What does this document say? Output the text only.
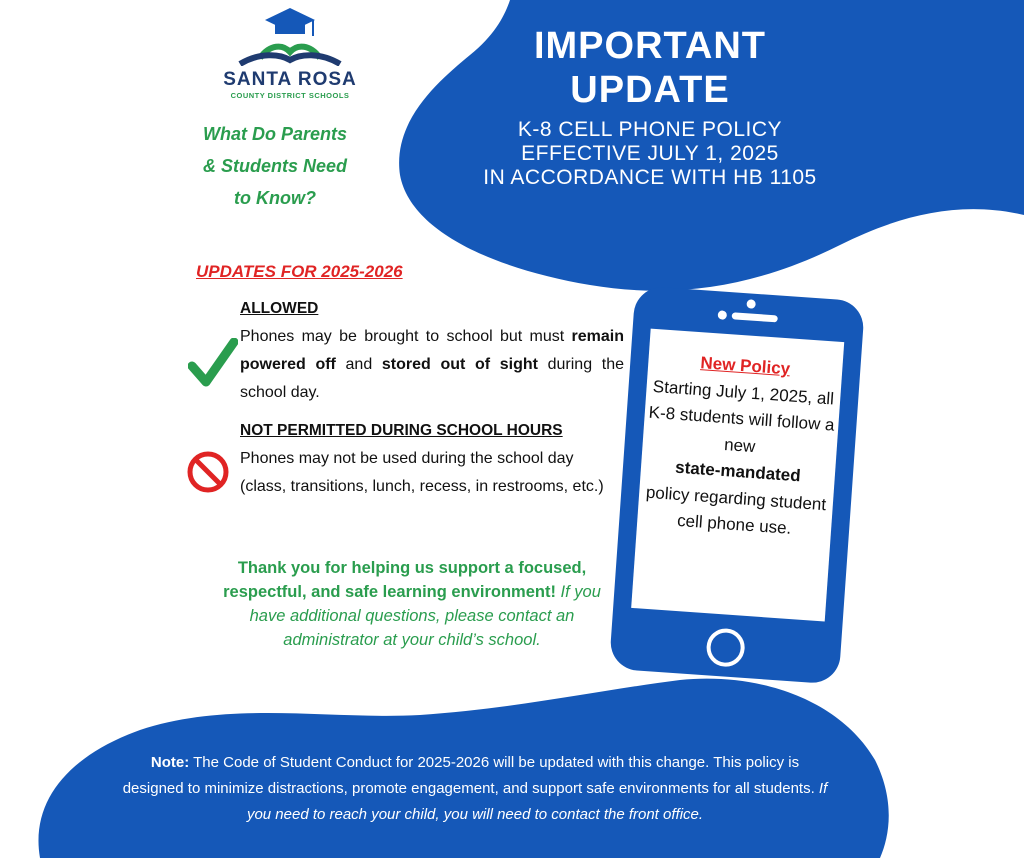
SANTA ROSA
COUNTY DISTRICT SCHOOLS
What Do Parents
& Students Need
to Know?
IMPORTANT
UPDATE
K-8 CELL PHONE POLICY
EFFECTIVE JULY 1, 2025
IN ACCORDANCE WITH HB 1105
UPDATES FOR 2025-2026
ALLOWED
Phones may be brought to school but must remain powered off and stored out of sight during the school day.
NOT PERMITTED DURING SCHOOL HOURS
Phones may not be used during the school day (class, transitions, lunch, recess, in restrooms, etc.)
Thank you for helping us support a focused, respectful, and safe learning environment! If you have additional questions, please contact an administrator at your child’s school.
New Policy
Starting July 1, 2025, all K-8 students will follow a new
state-mandated
policy regarding student cell phone use.
Note: The Code of Student Conduct for 2025-2026 will be updated with this change. This policy is designed to minimize distractions, promote engagement, and support safe environments for all students. If you need to reach your child, you will need to contact the front office.
